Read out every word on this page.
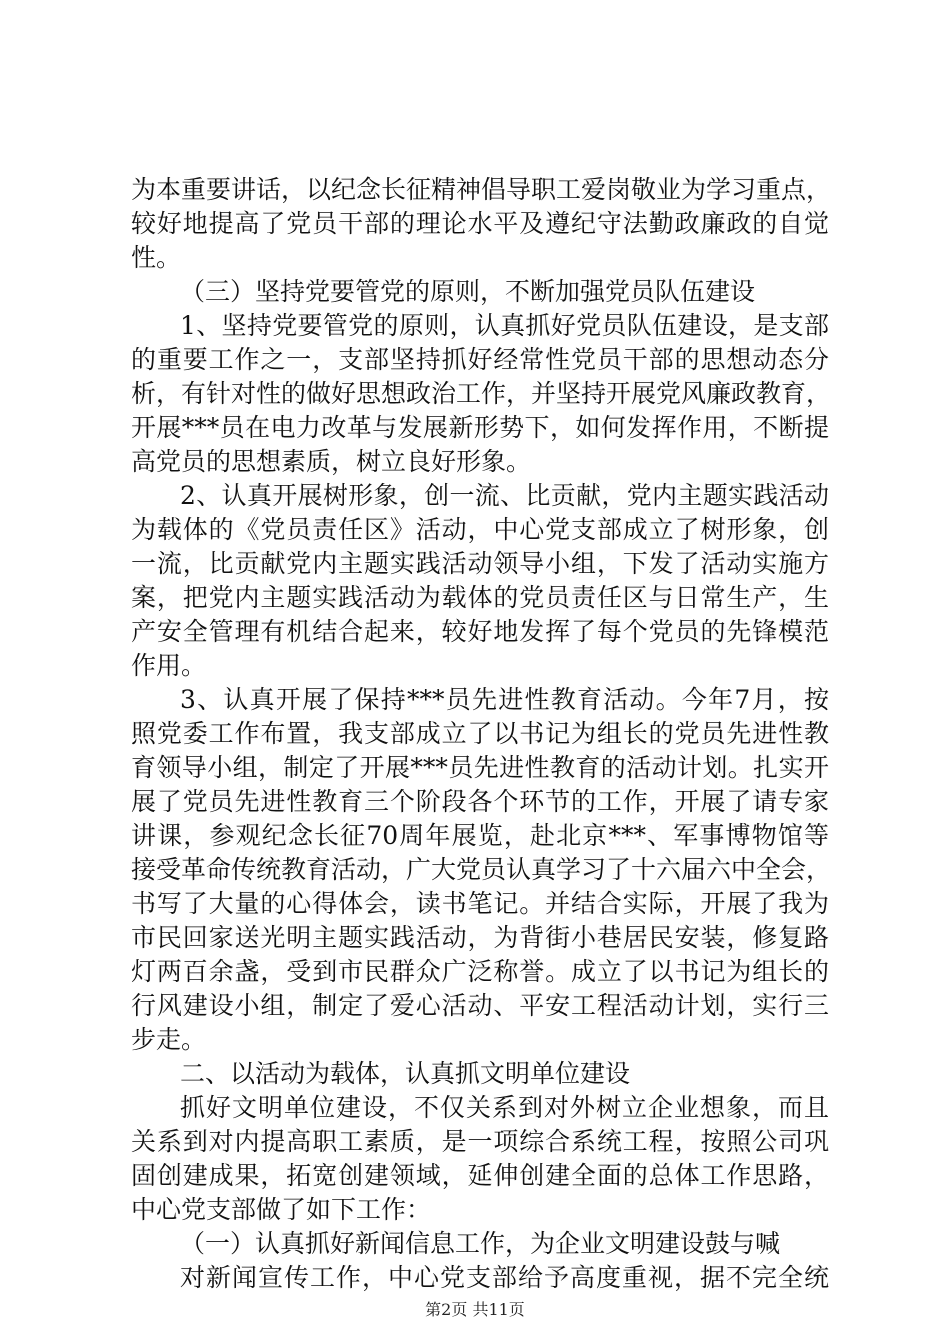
为本重要讲话，以纪念长征精神倡导职工爱岗敬业为学习重点，
较好地提高了党员干部的理论水平及遵纪守法勤政廉政的自觉
性。
（三）坚持党要管党的原则，不断加强党员队伍建设
1、坚持党要管党的原则，认真抓好党员队伍建设，是支部
的重要工作之一，支部坚持抓好经常性党员干部的思想动态分
析，有针对性的做好思想政治工作，并坚持开展党风廉政教育，
开展***员在电力改革与发展新形势下，如何发挥作用，不断提
高党员的思想素质，树立良好形象。
2、认真开展树形象，创一流、比贡献，党内主题实践活动
为载体的《党员责任区》活动，中心党支部成立了树形象，创
一流，比贡献党内主题实践活动领导小组，下发了活动实施方
案，把党内主题实践活动为载体的党员责任区与日常生产，生
产安全管理有机结合起来，较好地发挥了每个党员的先锋模范
作用。
3、认真开展了保持***员先进性教育活动。今年7月，按
照党委工作布置，我支部成立了以书记为组长的党员先进性教
育领导小组，制定了开展***员先进性教育的活动计划。扎实开
展了党员先进性教育三个阶段各个环节的工作，开展了请专家
讲课，参观纪念长征70周年展览，赴北京***、军事博物馆等
接受革命传统教育活动，广大党员认真学习了十六届六中全会，
书写了大量的心得体会，读书笔记。并结合实际，开展了我为
市民回家送光明主题实践活动，为背街小巷居民安装，修复路
灯两百余盏，受到市民群众广泛称誉。成立了以书记为组长的
行风建设小组，制定了爱心活动、平安工程活动计划，实行三
步走。
二、以活动为载体，认真抓文明单位建设
抓好文明单位建设，不仅关系到对外树立企业想象，而且
关系到对内提高职工素质，是一项综合系统工程，按照公司巩
固创建成果，拓宽创建领域，延伸创建全面的总体工作思路，
中心党支部做了如下工作：
（一）认真抓好新闻信息工作，为企业文明建设鼓与喊
对新闻宣传工作，中心党支部给予高度重视，据不完全统
第2页 共11页
